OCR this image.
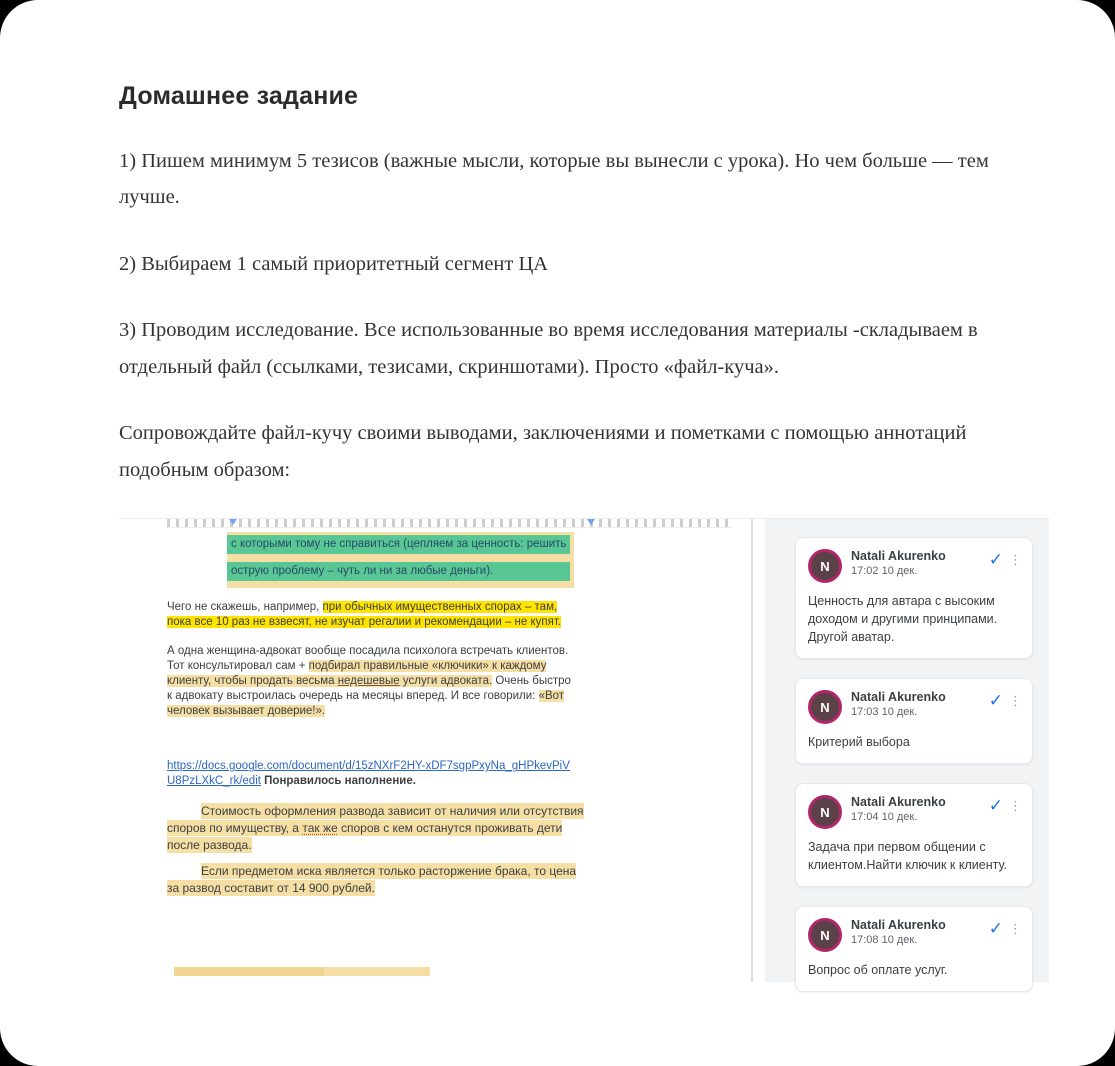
Домашнее задание

1) Пишем минимум 5 тезисов (важные мысли, которые вы вынесли с урока). Но чем больше — тем лучше.

2) Выбираем 1 самый приоритетный сегмент ЦА

3) Проводим исследование. Все использованные во время исследования материалы -складываем в отдельный файл (ссылками, тезисами, скриншотами). Просто «файл-куча».

Сопровождайте файл-кучу своими выводами, заключениями и пометками с помощью аннотаций подобным образом:

с которыми тому не справиться (цепляем за ценность: решить
острую проблему – чуть ли ни за любые деньги).

Чего не скажешь, например, при обычных имущественных спорах – там, пока все 10 раз не взвесят, не изучат регалии и рекомендации – не купят.

А одна женщина-адвокат вообще посадила психолога встречать клиентов. Тот консультировал сам + подбирал правильные «ключики» к каждому клиенту, чтобы продать весьма недешевые услуги адвоката. Очень быстро к адвокату выстроилась очередь на месяцы вперед. И все говорили: «Вот человек вызывает доверие!».

https://docs.google.com/document/d/15zNXrF2HY-xDF7sgpPxyNa_gHPkevPiVU8PzLXkC_rk/edit Понравилось наполнение.

Стоимость оформления развода зависит от наличия или отсутствия споров по имуществу, а так же споров с кем останутся проживать дети после развода.

Если предметом иска является только расторжение брака, то цена за развод составит от 14 900 рублей.

N
Natali Akurenko
17:02 10 дек.
✓ ⋮
Ценность для автара с высоким доходом и другими принципами. Другой аватар.
N
Natali Akurenko
17:03 10 дек.
✓ ⋮
Критерий выбора
N
Natali Akurenko
17:04 10 дек.
✓ ⋮
Задача при первом общении с клиентом.Найти ключик к клиенту.
N
Natali Akurenko
17:08 10 дек.
✓ ⋮
Вопрос об оплате услуг.
